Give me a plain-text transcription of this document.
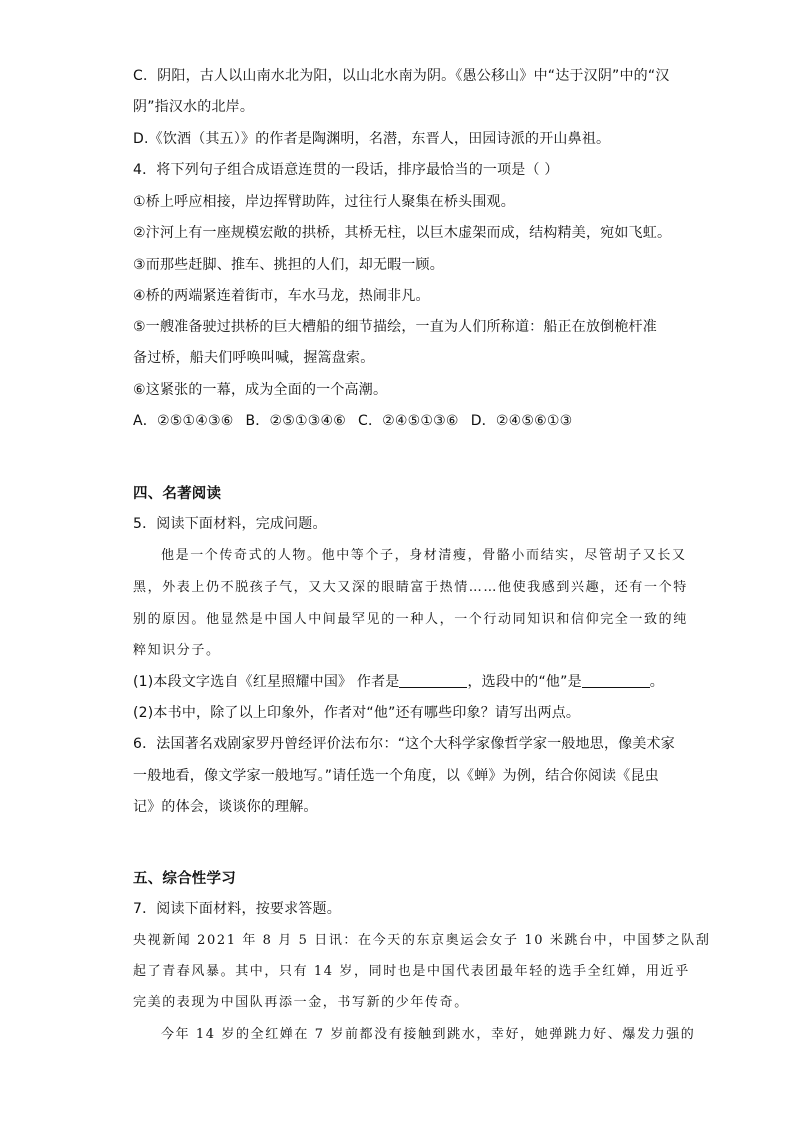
C．阴阳，古人以山南水北为阳，以山北水南为阴。《愚公移山》中“达于汉阴”中的“汉
阴”指汉水的北岸。
D.《饮酒（其五）》的作者是陶渊明，名潜，东晋人，田园诗派的开山鼻祖。
4．将下列句子组合成语意连贯的一段话，排序最恰当的一项是（ ）
①桥上呼应相接，岸边挥臂助阵，过往行人聚集在桥头围观。
②汴河上有一座规模宏敞的拱桥，其桥无柱，以巨木虚架而成，结构精美，宛如飞虹。
③而那些赶脚、推车、挑担的人们，却无暇一顾。
④桥的两端紧连着街市，车水马龙，热闹非凡。
⑤一艘准备驶过拱桥的巨大槽船的细节描绘，一直为人们所称道：船正在放倒桅杆准
备过桥，船夫们呼唤叫喊，握篙盘索。
⑥这紧张的一幕，成为全面的一个高潮。
A．②⑤①④③⑥ B．②⑤①③④⑥ C．②④⑤①③⑥ D．②④⑤⑥①③
四、名著阅读
5．阅读下面材料，完成问题。
他是一个传奇式的人物。他中等个子，身材清瘦，骨骼小而结实，尽管胡子又长又
黑，外表上仍不脱孩子气，又大又深的眼睛富于热情……他使我感到兴趣，还有一个特
别的原因。他显然是中国人中间最罕见的一种人，一个行动同知识和信仰完全一致的纯
粹知识分子。
(1)本段文字选自《红星照耀中国》 作者是	，选段中的“他”是	。
(2)本书中，除了以上印象外，作者对“他”还有哪些印象？请写出两点。
6．法国著名戏剧家罗丹曾经评价法布尔：“这个大科学家像哲学家一般地思，像美术家
一般地看，像文学家一般地写。”请任选一个角度，以《蝉》为例，结合你阅读《昆虫
记》的体会，谈谈你的理解。
五、综合性学习
7．阅读下面材料，按要求答题。
央视新闻 2021 年 8 月 5 日讯：在今天的东京奥运会女子 10 米跳台中，中国梦之队刮
起了青春风暴。其中，只有 14 岁，同时也是中国代表团最年轻的选手全红婵，用近乎
完美的表现为中国队再添一金，书写新的少年传奇。
今年 14 岁的全红婵在 7 岁前都没有接触到跳水，幸好，她弹跳力好、爆发力强的
